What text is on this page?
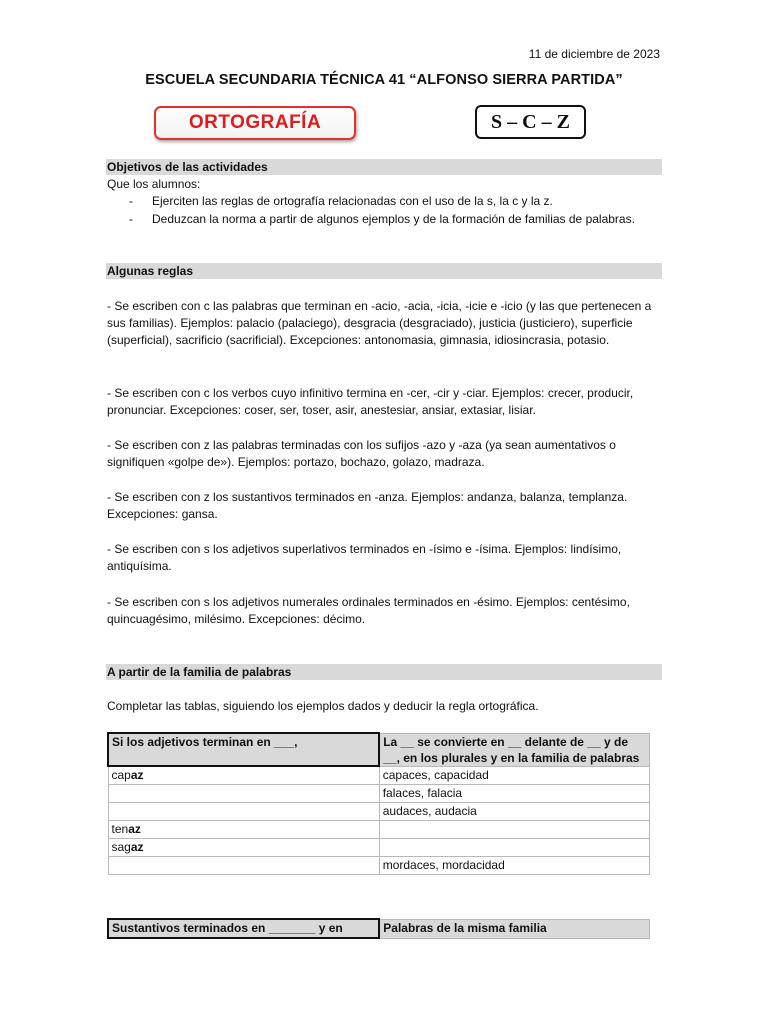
11 de diciembre de 2023
ESCUELA SECUNDARIA TÉCNICA 41 “ALFONSO SIERRA PARTIDA”
ORTOGRAFÍA	S – C – Z
Objetivos de las actividades
Que los alumnos:
- Ejerciten las reglas de ortografía relacionadas con el uso de la s, la c y la z.
- Deduzcan la norma a partir de algunos ejemplos y de la formación de familias de palabras.
Algunas reglas
- Se escriben con c las palabras que terminan en -acio, -acia, -icia, -icie e -icio (y las que pertenecen a sus familias). Ejemplos: palacio (palaciego), desgracia (desgraciado), justicia (justiciero), superficie (superficial), sacrificio (sacrificial). Excepciones: antonomasia, gimnasia, idiosincrasia, potasio.
- Se escriben con c los verbos cuyo infinitivo termina en -cer, -cir y -ciar. Ejemplos: crecer, producir, pronunciar. Excepciones: coser, ser, toser, asir, anestesiar, ansiar, extasiar, lisiar.
- Se escriben con z las palabras terminadas con los sufijos -azo y -aza (ya sean aumentativos o signifiquen «golpe de»). Ejemplos: portazo, bochazo, golazo, madraza.
- Se escriben con z los sustantivos terminados en -anza. Ejemplos: andanza, balanza, templanza. Excepciones: gansa.
- Se escriben con s los adjetivos superlativos terminados en -ísimo e -ísima. Ejemplos: lindísimo, antiquísima.
- Se escriben con s los adjetivos numerales ordinales terminados en -ésimo. Ejemplos: centésimo, quincuagésimo, milésimo. Excepciones: décimo.
A partir de la familia de palabras
Completar las tablas, siguiendo los ejemplos dados y deducir la regla ortográfica.
Si los adjetivos terminan en ___,	La __ se convierte en __ delante de __ y de __, en los plurales y en la familia de palabras
capaz	capaces, capacidad
	falaces, falacia
	audaces, audacia
tenaz	
sagaz	
	mordaces, mordacidad
Sustantivos terminados en _______ y en	Palabras de la misma familia
